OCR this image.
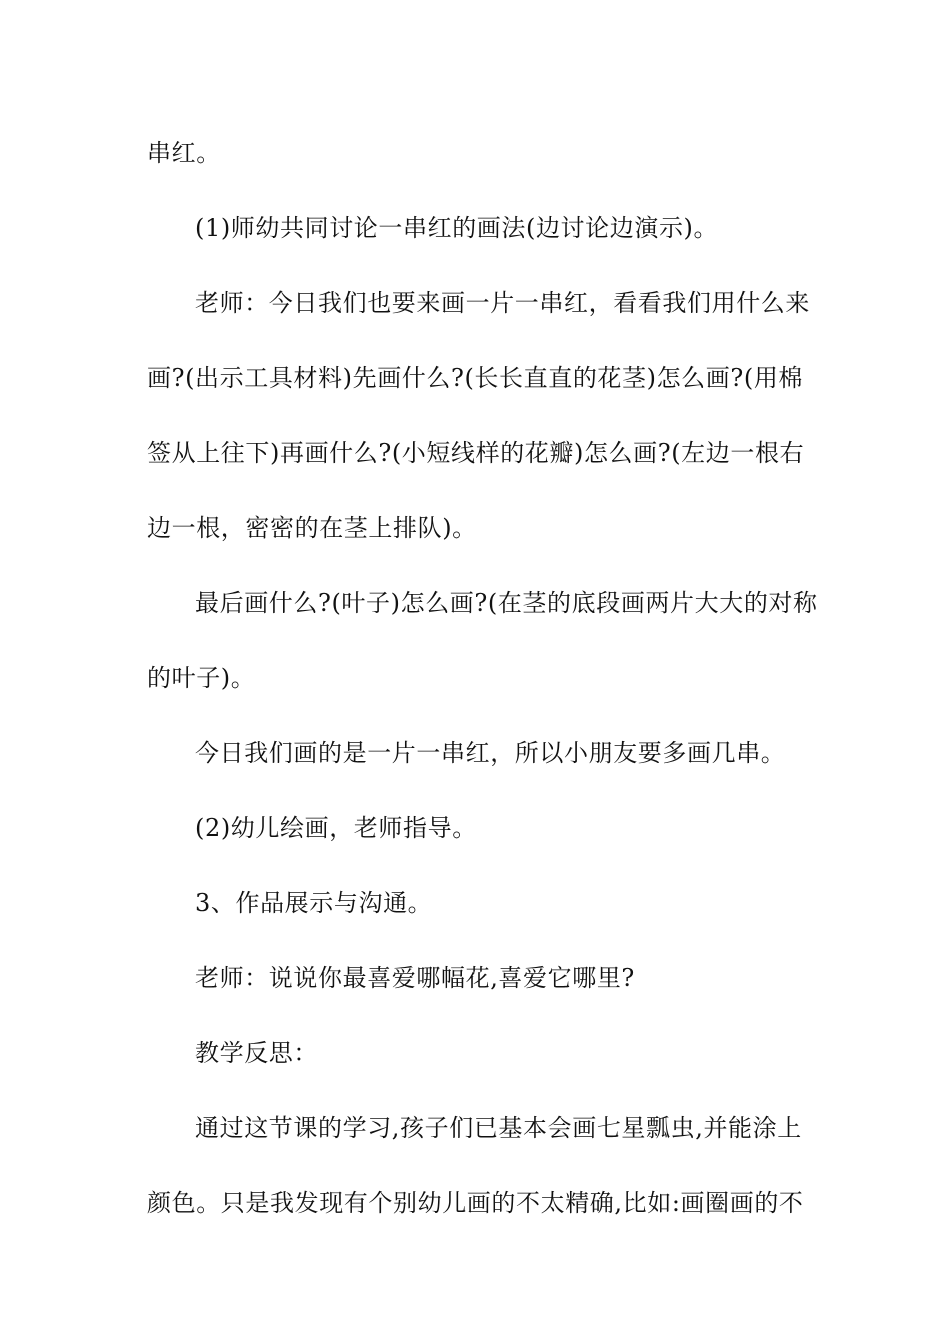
串红。
(1)师幼共同讨论一串红的画法(边讨论边演示)。
老师：今日我们也要来画一片一串红，看看我们用什么来
画?(出示工具材料)先画什么?(长长直直的花茎)怎么画?(用棉
签从上往下)再画什么?(小短线样的花瓣)怎么画?(左边一根右
边一根，密密的在茎上排队)。
最后画什么?(叶子)怎么画?(在茎的底段画两片大大的对称
的叶子)。
今日我们画的是一片一串红，所以小朋友要多画几串。
(2)幼儿绘画，老师指导。
3、作品展示与沟通。
老师：说说你最喜爱哪幅花,喜爱它哪里?
教学反思：
通过这节课的学习,孩子们已基本会画七星瓢虫,并能涂上
颜色。只是我发现有个别幼儿画的不太精确,比如:画圈画的不
